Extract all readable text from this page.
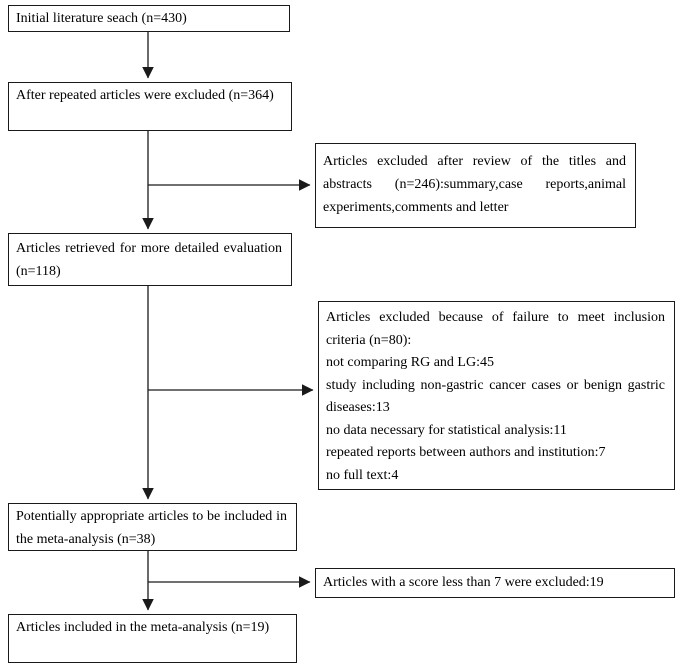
Initial literature seach (n=430)
After repeated articles were excluded (n=364)
Articles retrieved for more detailed evaluation (n=118)
Potentially appropriate articles to be included in the meta-analysis (n=38)
Articles included in the meta-analysis (n=19)
Articles excluded after review of the titles and abstracts (n=246):summary,case reports,animal experiments,comments and letter
Articles excluded because of failure to meet inclusion criteria (n=80):
not comparing RG and LG:45
study including non-gastric cancer cases or benign gastric diseases:13
no data necessary for statistical analysis:11
repeated reports between authors and institution:7
no full text:4
Articles with a score less than 7 were excluded:19
